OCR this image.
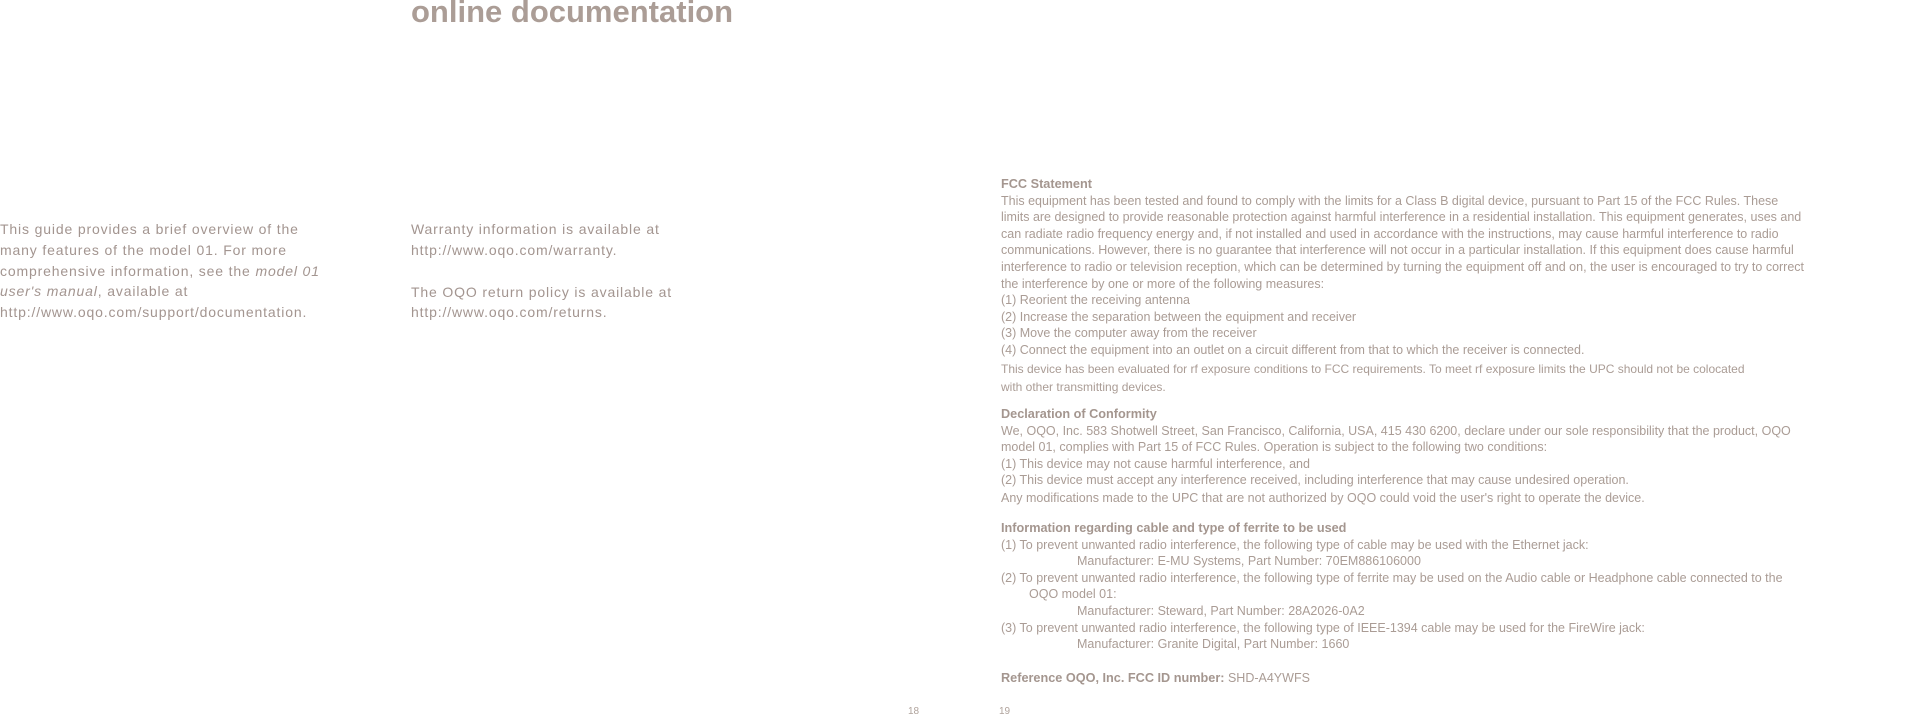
online documentation
This guide provides a brief overview of the
many features of the model 01. For more
comprehensive information, see the model 01
user's manual, available at
http://www.oqo.com/support/documentation.

Warranty information is available at
http://www.oqo.com/warranty.

The OQO return policy is available at
http://www.oqo.com/returns.

18	19

FCC Statement

This equipment has been tested and found to comply with the limits for a Class B digital device, pursuant to Part 15 of the FCC Rules. These

limits are designed to provide reasonable protection against harmful interference in a residential installation. This equipment generates, uses and

can radiate radio frequency energy and, if not installed and used in accordance with the instructions, may cause harmful interference to radio

communications. However, there is no guarantee that interference will not occur in a particular installation. If this equipment does cause harmful

interference to radio or television reception, which can be determined by turning the equipment off and on, the user is encouraged to try to correct

the interference by one or more of the following measures:

(1) Reorient the receiving antenna

(2) Increase the separation between the equipment and receiver

(3) Move the computer away from the receiver

(4) Connect the equipment into an outlet on a circuit different from that to which the receiver is connected.

This device has been evaluated for rf exposure conditions to FCC requirements. To meet rf exposure limits the UPC should not be colocated

with other transmitting devices.

Declaration of Conformity

We, OQO, Inc. 583 Shotwell Street, San Francisco, California, USA, 415 430 6200, declare under our sole responsibility that the product, OQO

model 01, complies with Part 15 of FCC Rules. Operation is subject to the following two conditions:

(1) This device may not cause harmful interference, and

(2) This device must accept any interference received, including interference that may cause undesired operation.

Any modifications made to the UPC that are not authorized by OQO could void the user's right to operate the device.

Information regarding cable and type of ferrite to be used

(1) To prevent unwanted radio interference, the following type of cable may be used with the Ethernet jack:

Manufacturer: E-MU Systems, Part Number: 70EM886106000

(2) To prevent unwanted radio interference, the following type of ferrite may be used on the Audio cable or Headphone cable connected to the

OQO model 01:

Manufacturer: Steward, Part Number: 28A2026-0A2

(3) To prevent unwanted radio interference, the following type of IEEE-1394 cable may be used for the FireWire jack:

Manufacturer: Granite Digital, Part Number: 1660

Reference OQO, Inc. FCC ID number: SHD-A4YWFS
